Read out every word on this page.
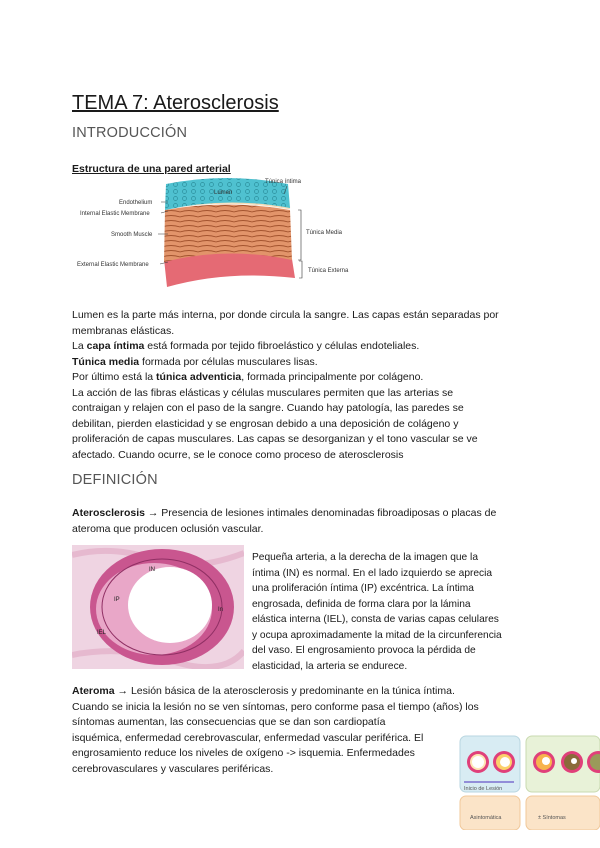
TEMA 7: Aterosclerosis
INTRODUCCIÓN
Estructura de una pared arterial
Lumen
Túnica íntima
Endothelium
Internal Elastic Membrane
Smooth Muscle
External Elastic Membrane
Túnica Media
Túnica Externa

Lumen es la parte más interna, por donde circula la sangre. Las capas están separadas por

membranas elásticas.

La capa íntima está formada por tejido fibroelástico y células endoteliales.

Túnica media formada por células musculares lisas.

Por último está la túnica adventicia, formada principalmente por colágeno.

La acción de las fibras elásticas y células musculares permiten que las arterias se

contraigan y relajen con el paso de la sangre. Cuando hay patología, las paredes se

debilitan, pierden elasticidad y se engrosan debido a una deposición de colágeno y

proliferación de capas musculares. Las capas se desorganizan y el tono vascular se ve

afectado. Cuando ocurre, se le conoce como proceso de aterosclerosis

DEFINICIÓN

Aterosclerosis → Presencia de lesiones intimales denominadas fibroadiposas o placas de

ateroma que producen oclusión vascular.

IN
IP
IEL
In

Pequeña arteria, a la derecha de la imagen que la

íntima (IN) es normal. En el lado izquierdo se aprecia

una proliferación íntima (IP) excéntrica. La íntima

engrosada, definida de forma clara por la lámina

elástica interna (IEL), consta de varias capas celulares

y ocupa aproximadamente la mitad de la circunferencia

del vaso. El engrosamiento provoca la pérdida de

elasticidad, la arteria se endurece.

Ateroma → Lesión básica de la aterosclerosis y predominante en la túnica íntima.

Cuando se inicia la lesión no se ven síntomas, pero conforme pasa el tiempo (años) los

síntomas aumentan, las consecuencias que se dan son cardiopatía

isquémica, enfermedad cerebrovascular, enfermedad vascular periférica. El

engrosamiento reduce los niveles de oxígeno -> isquemia. Enfermedades

cerebrovasculares y vasculares periféricas.

Inicio de Lesión
Asintomática	± Síntomas
